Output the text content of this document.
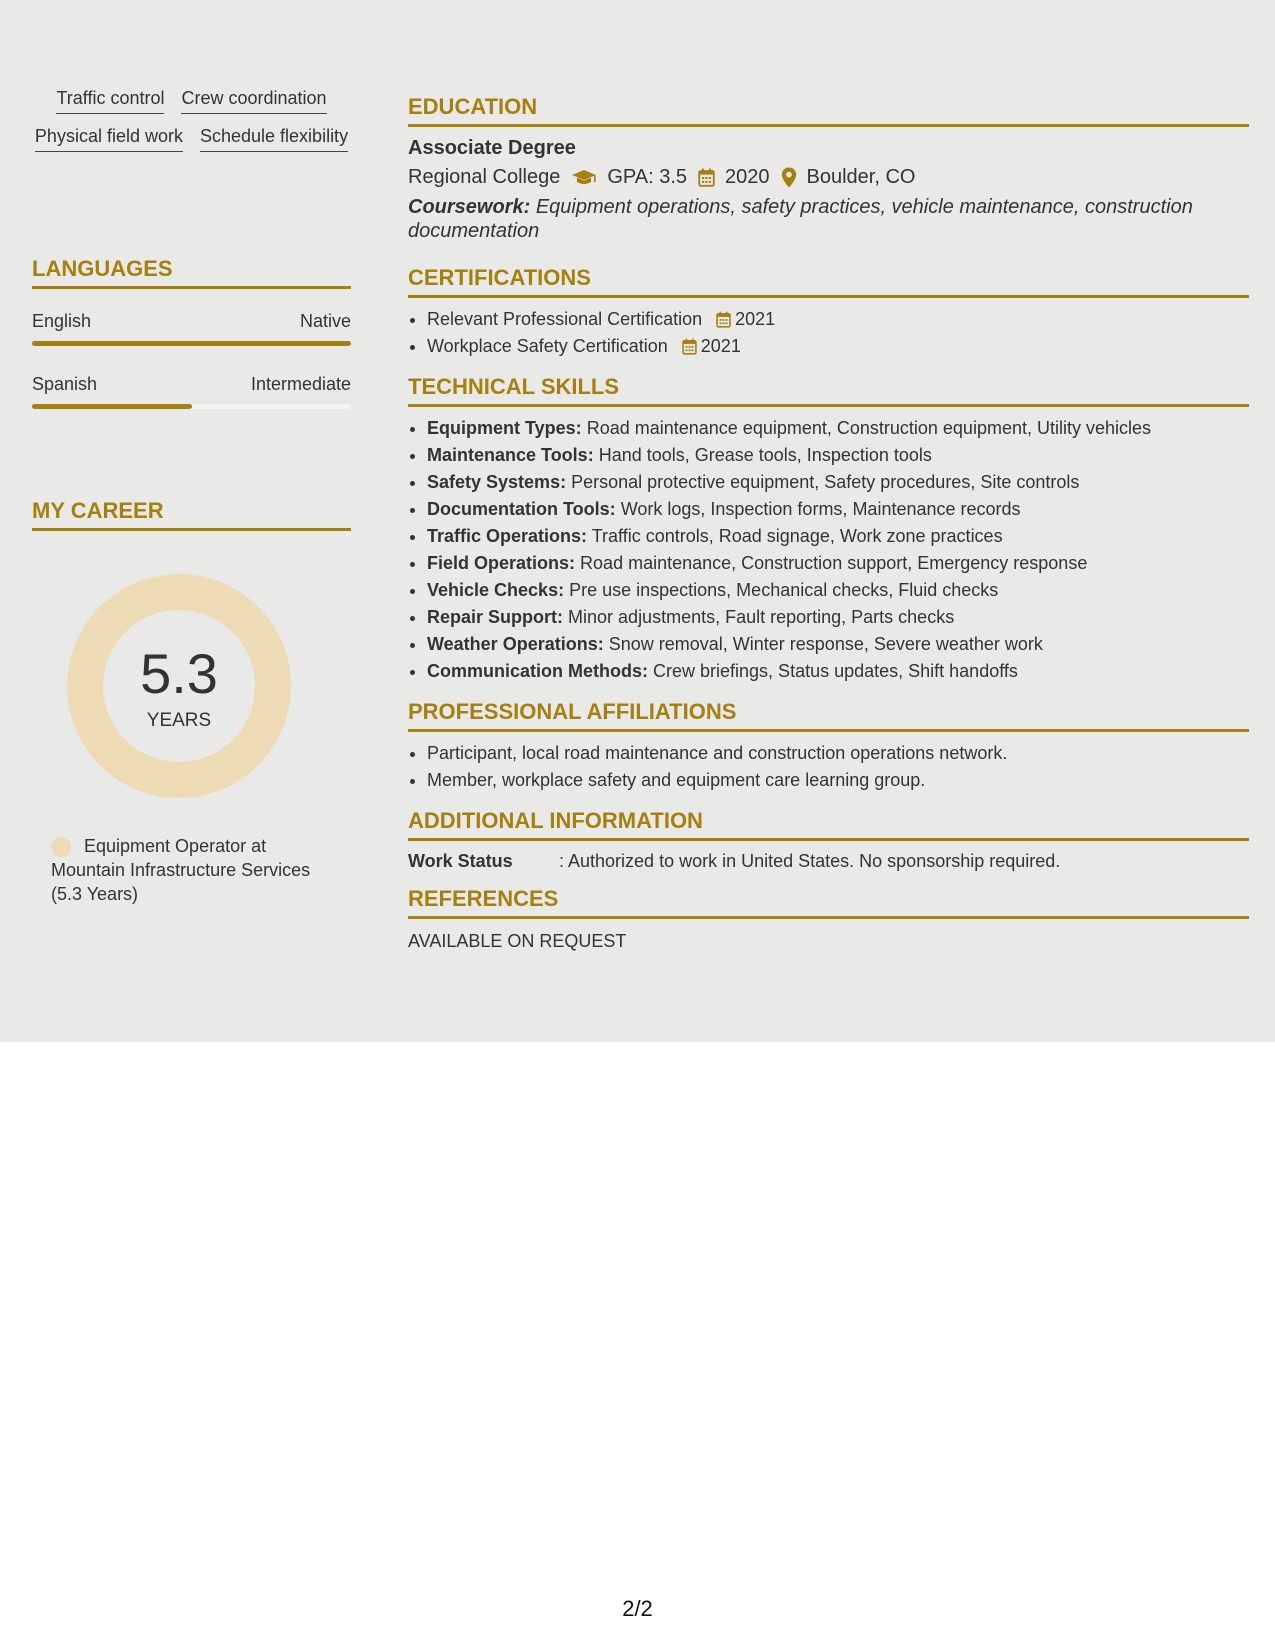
Traffic control Crew coordination
Physical field work Schedule flexibility
LANGUAGES
English	Native
Spanish	Intermediate
MY CAREER
5.3
YEARS
Equipment Operator at Mountain Infrastructure Services (5.3 Years)
EDUCATION
Associate Degree
Regional College GPA: 3.5 2020 Boulder, CO
Coursework: Equipment operations, safety practices, vehicle maintenance, construction documentation
CERTIFICATIONS
• Relevant Professional Certification 2021
• Workplace Safety Certification 2021
TECHNICAL SKILLS
• Equipment Types: Road maintenance equipment, Construction equipment, Utility vehicles
• Maintenance Tools: Hand tools, Grease tools, Inspection tools
• Safety Systems: Personal protective equipment, Safety procedures, Site controls
• Documentation Tools: Work logs, Inspection forms, Maintenance records
• Traffic Operations: Traffic controls, Road signage, Work zone practices
• Field Operations: Road maintenance, Construction support, Emergency response
• Vehicle Checks: Pre use inspections, Mechanical checks, Fluid checks
• Repair Support: Minor adjustments, Fault reporting, Parts checks
• Weather Operations: Snow removal, Winter response, Severe weather work
• Communication Methods: Crew briefings, Status updates, Shift handoffs
PROFESSIONAL AFFILIATIONS
• Participant, local road maintenance and construction operations network.
• Member, workplace safety and equipment care learning group.
ADDITIONAL INFORMATION
Work Status	: Authorized to work in United States. No sponsorship required.
REFERENCES
AVAILABLE ON REQUEST
2/2
